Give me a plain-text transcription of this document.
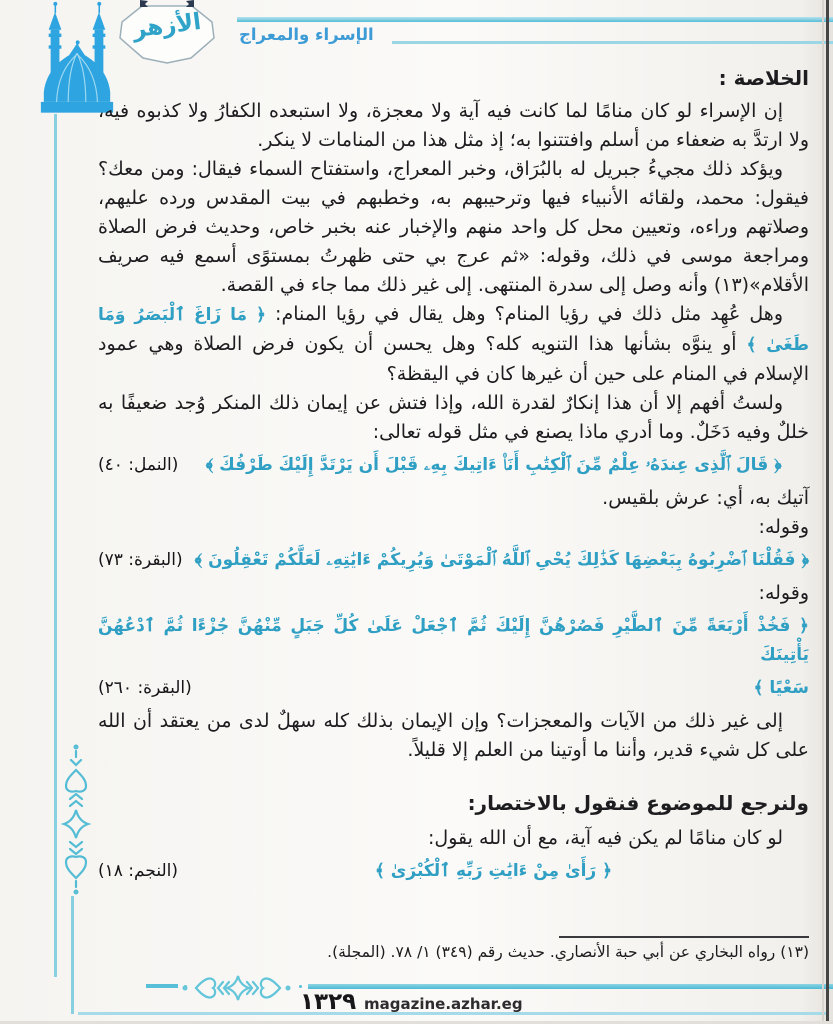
الإسراء والمعراج
الأزهر
الخلاصة :

إن الإسراء لو كان منامًا لما كانت فيه آية ولا معجزة، ولا استبعده الكفارُ ولا كذبوه فيه، ولا ارتدَّ به ضعفاء من أسلم وافتتنوا به؛ إذ مثل هذا من المنامات لا ينكر.

ويؤكد ذلك مجيءُ جبريل له بالبُرَاق، وخبر المعراج، واستفتاح السماء فيقال: ومن معك؟ فيقول: محمد، ولقائه الأنبياء فيها وترحيبهم به، وخطبهم في بيت المقدس ورده عليهم، وصلاتهم وراءه، وتعيين محل كل واحد منهم والإخبار عنه بخبر خاص، وحديث فرض الصلاة ومراجعة موسى في ذلك، وقوله: «ثم عرج بي حتى ظهرتُ بمستوًى أسمع فيه صريف الأقلام»(١٣) وأنه وصل إلى سدرة المنتهى. إلى غير ذلك مما جاء في القصة.

وهل عُهِد مثل ذلك في رؤيا المنام؟ وهل يقال في رؤيا المنام: ﴿ مَا زَاغَ ٱلْبَصَرُ وَمَا طَغَىٰ ﴾ أو ينوَّه بشأنها هذا التنويه كله؟ وهل يحسن أن يكون فرض الصلاة وهي عمود الإسلام في المنام على حين أن غيرها كان في اليقظة؟

ولستُ أفهم إلا أن هذا إنكارٌ لقدرة الله، وإذا فتش عن إيمان ذلك المنكر وُجد ضعيفًا به خللٌ وفيه دَخَلٌ. وما أدري ماذا يصنع في مثل قوله تعالى:

﴿ قَالَ ٱلَّذِى عِندَهُۥ عِلْمٌ مِّنَ ٱلْكِتَٰبِ أَنَا۠ ءَاتِيكَ بِهِۦ قَبْلَ أَن يَرْتَدَّ إِلَيْكَ طَرْفُكَ ﴾
(النمل: ٤٠)

آتيك به، أي: عرش بلقيس.

وقوله:

﴿ فَقُلْنَا ٱضْرِبُوهُ بِبَعْضِهَا كَذَٰلِكَ يُحْىِ ٱللَّهُ ٱلْمَوْتَىٰ وَيُرِيكُمْ ءَايَٰتِهِۦ لَعَلَّكُمْ تَعْقِلُونَ ﴾
(البقرة: ٧٣)

وقوله:

﴿ فَخُذْ أَرْبَعَةً مِّنَ ٱلطَّيْرِ فَصُرْهُنَّ إِلَيْكَ ثُمَّ ٱجْعَلْ عَلَىٰ كُلِّ جَبَلٍ مِّنْهُنَّ جُزْءًا ثُمَّ ٱدْعُهُنَّ يَأْتِينَكَ
سَعْيًا ﴾
(البقرة: ٢٦٠)

إلى غير ذلك من الآيات والمعجزات؟ وإن الإيمان بذلك كله سهلٌ لدى من يعتقد أن الله على كل شيء قدير، وأننا ما أوتينا من العلم إلا قليلاً.

ولنرجع للموضوع فنقول بالاختصار:

لو كان منامًا لم يكن فيه آية، مع أن الله يقول:

﴿ رَأَىٰ مِنْ ءَايَٰتِ رَبِّهِ ٱلْكُبْرَىٰ ﴾
(النجم: ١٨)
(١٣) رواه البخاري عن أبي حبة الأنصاري. حديث رقم (٣٤٩) ١/ ٧٨. (المجلة).
١٣٢٩ magazine.azhar.eg
